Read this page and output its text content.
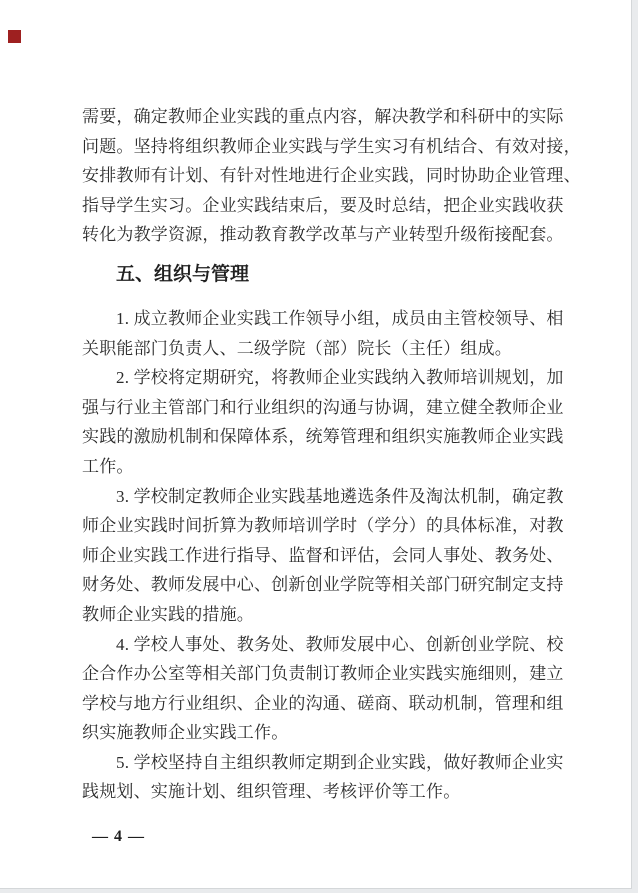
需要，确定教师企业实践的重点内容，解决教学和科研中的实际
问题。坚持将组织教师企业实践与学生实习有机结合、有效对接，
安排教师有计划、有针对性地进行企业实践，同时协助企业管理、
指导学生实习。企业实践结束后，要及时总结，把企业实践收获
转化为教学资源，推动教育教学改革与产业转型升级衔接配套。
五、组织与管理
1. 成立教师企业实践工作领导小组，成员由主管校领导、相
关职能部门负责人、二级学院（部）院长（主任）组成。
2. 学校将定期研究，将教师企业实践纳入教师培训规划，加
强与行业主管部门和行业组织的沟通与协调，建立健全教师企业
实践的激励机制和保障体系，统筹管理和组织实施教师企业实践
工作。
3. 学校制定教师企业实践基地遴选条件及淘汰机制，确定教
师企业实践时间折算为教师培训学时（学分）的具体标准，对教
师企业实践工作进行指导、监督和评估，会同人事处、教务处、
财务处、教师发展中心、创新创业学院等相关部门研究制定支持
教师企业实践的措施。
4. 学校人事处、教务处、教师发展中心、创新创业学院、校
企合作办公室等相关部门负责制订教师企业实践实施细则，建立
学校与地方行业组织、企业的沟通、磋商、联动机制，管理和组
织实施教师企业实践工作。
5. 学校坚持自主组织教师定期到企业实践，做好教师企业实
践规划、实施计划、组织管理、考核评价等工作。
— 4 —
